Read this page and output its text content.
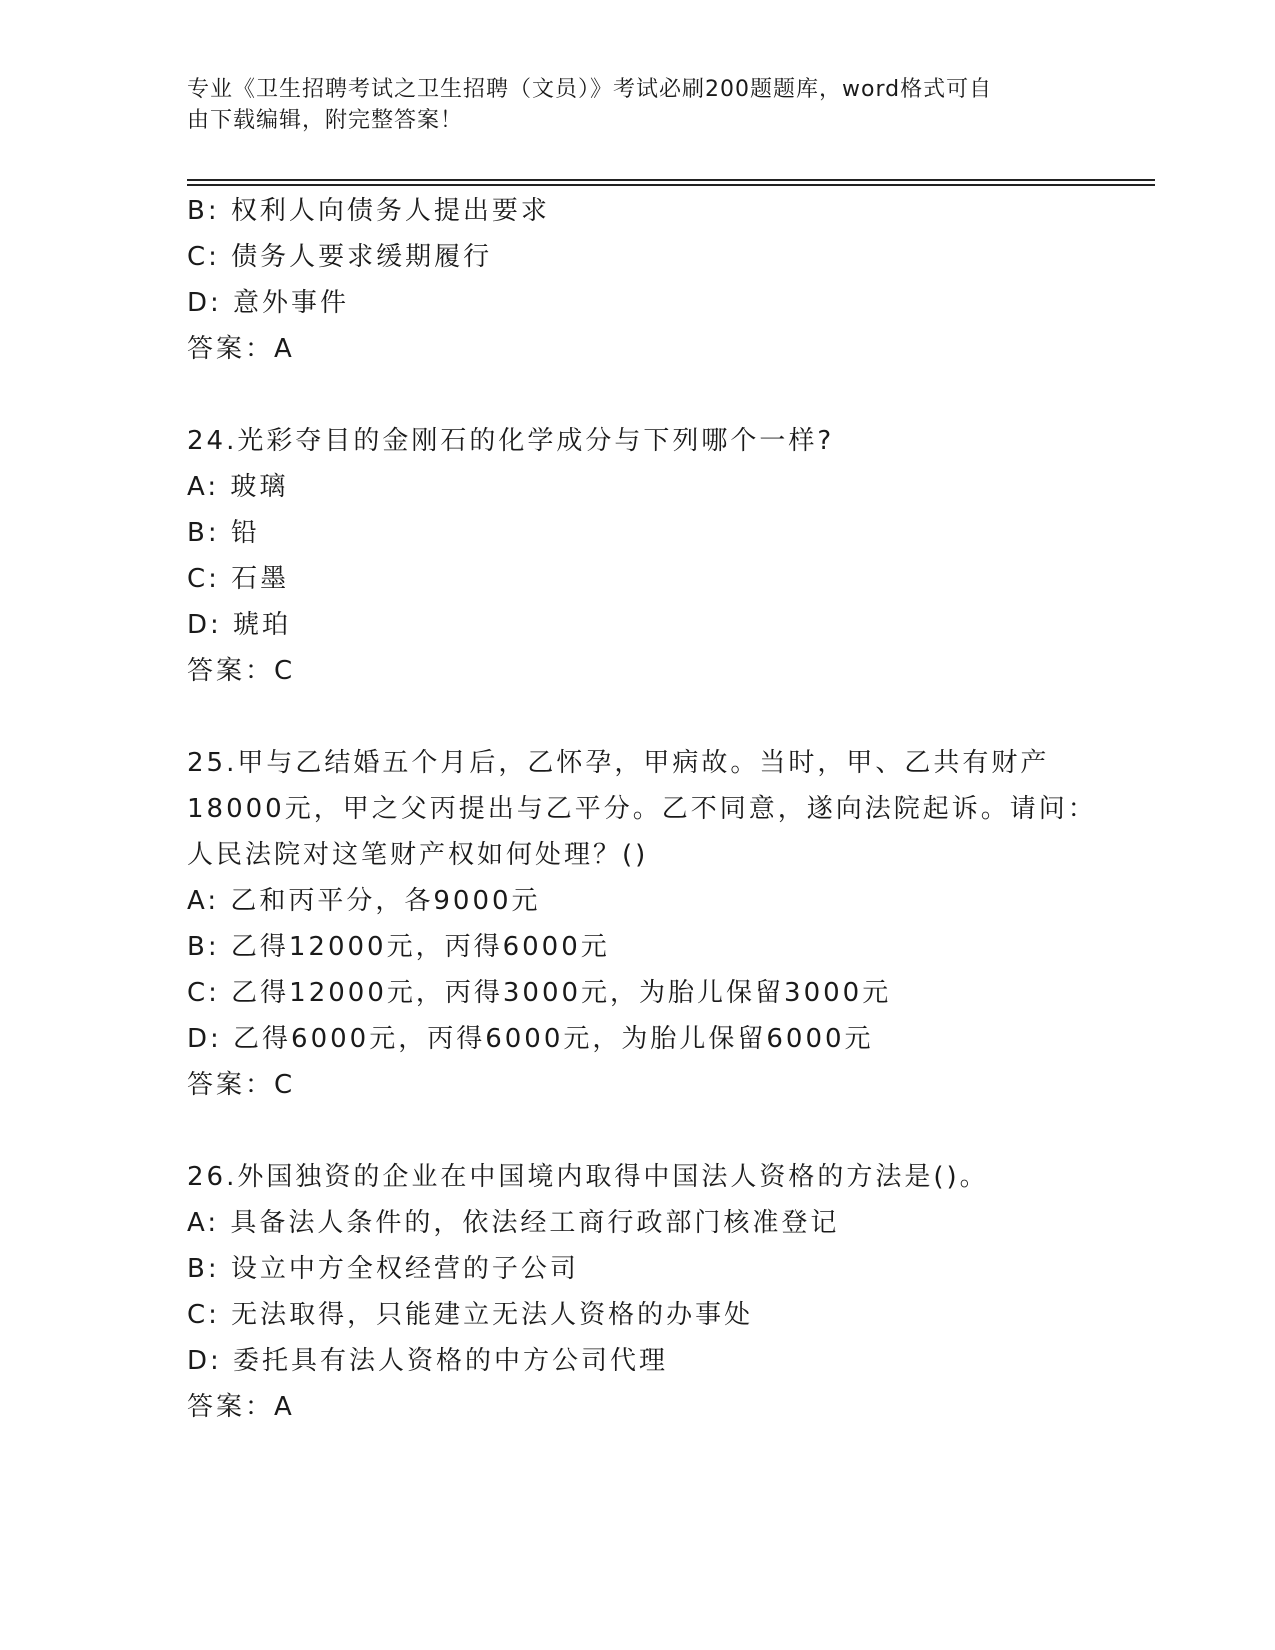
专业《卫生招聘考试之卫生招聘（文员）》考试必刷200题题库，word格式可自
由下载编辑，附完整答案！
B: 权利人向债务人提出要求
C: 债务人要求缓期履行
D: 意外事件
答案：A
24.光彩夺目的金刚石的化学成分与下列哪个一样?
A: 玻璃
B: 铅
C: 石墨
D: 琥珀
答案：C
25.甲与乙结婚五个月后，乙怀孕，甲病故。当时，甲、乙共有财产
18000元，甲之父丙提出与乙平分。乙不同意，遂向法院起诉。请问：
人民法院对这笔财产权如何处理？()
A: 乙和丙平分，各9000元
B: 乙得12000元，丙得6000元
C: 乙得12000元，丙得3000元，为胎儿保留3000元
D: 乙得6000元，丙得6000元，为胎儿保留6000元
答案：C
26.外国独资的企业在中国境内取得中国法人资格的方法是()。
A: 具备法人条件的，依法经工商行政部门核准登记
B: 设立中方全权经营的子公司
C: 无法取得，只能建立无法人资格的办事处
D: 委托具有法人资格的中方公司代理
答案：A
